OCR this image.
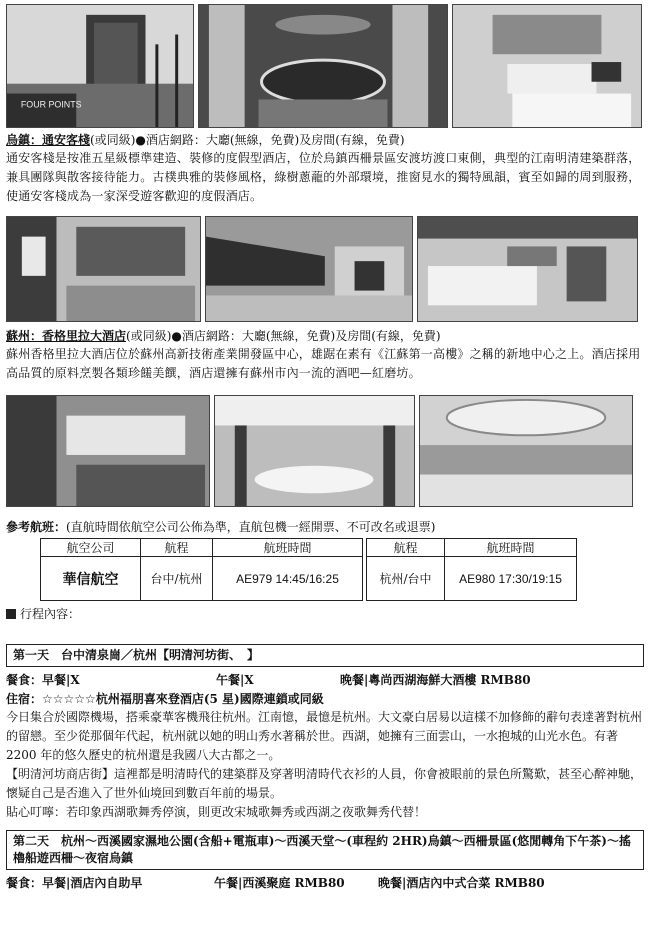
FOUR POINTS
烏鎮：通安客棧(或同級)●酒店網路：大廳(無線，免費)及房間(有線，免費)
通安客棧是按准五星級標準建造、裝修的度假型酒店，位於烏鎮西柵景區安渡坊渡口東側，典型的江南明清建築群落，兼具團隊與散客接待能力。古樸典雅的裝修風格，綠樹蔥蘢的外部環境，推窗見水的獨特風韻，賓至如歸的周到服務，使通安客棧成為一家深受遊客歡迎的度假酒店。
蘇州：香格里拉大酒店(或同級)●酒店網路：大廳(無線，免費)及房間(有線，免費)
蘇州香格里拉大酒店位於蘇州高新技術產業開發區中心，雄踞在素有《江蘇第一高樓》之稱的新地中心之上。酒店採用高品質的原料烹製各類珍饈美饌，酒店還擁有蘇州市內一流的酒吧—紅磨坊。
參考航班：(直航時間依航空公司公佈為準，直航包機一經開票、不可改名或退票)
航空公司	航程	航班時間		航程	航班時間
華信航空	台中/杭州	AE979 14:45/16:25		杭州/台中	AE980 17:30/19:15
行程內容：
第一天　台中清泉崗／杭州【明清河坊街、　】
餐食：早餐|X	午餐|X	晚餐|粵尚西湖海鮮大酒樓 RMB80
住宿：☆☆☆☆☆杭州福朋喜來登酒店(5 星)國際連鎖或同級
今日集合於國際機場，搭乘豪華客機飛往杭州。江南憶，最憶是杭州。大文豪白居易以這樣不加修飾的辭句表達著對杭州的留戀。至少從那個年代起，杭州就以她的明山秀水著稱於世。西湖，她擁有三面雲山，一水抱城的山光水色。有著 2200 年的悠久歷史的杭州還是我國八大古都之一。
【明清河坊商店街】這裡都是明清時代的建築群及穿著明清時代衣衫的人員，你會被眼前的景色所驚歎，甚至心醉神馳，懷疑自己是否進入了世外仙境回到數百年前的場景。
貼心叮嚀：若印象西湖歌舞秀停演，則更改宋城歌舞秀或西湖之夜歌舞秀代替！
第二天　杭州～西溪國家濕地公園(含船+電瓶車)～西溪天堂～(車程約 2HR)烏鎮～西柵景區(悠閒轉角下午茶)～搖櫓船遊西柵～夜宿烏鎮
餐食：早餐|酒店內自助早	午餐|西溪聚庭 RMB80	晚餐|酒店內中式合菜 RMB80
